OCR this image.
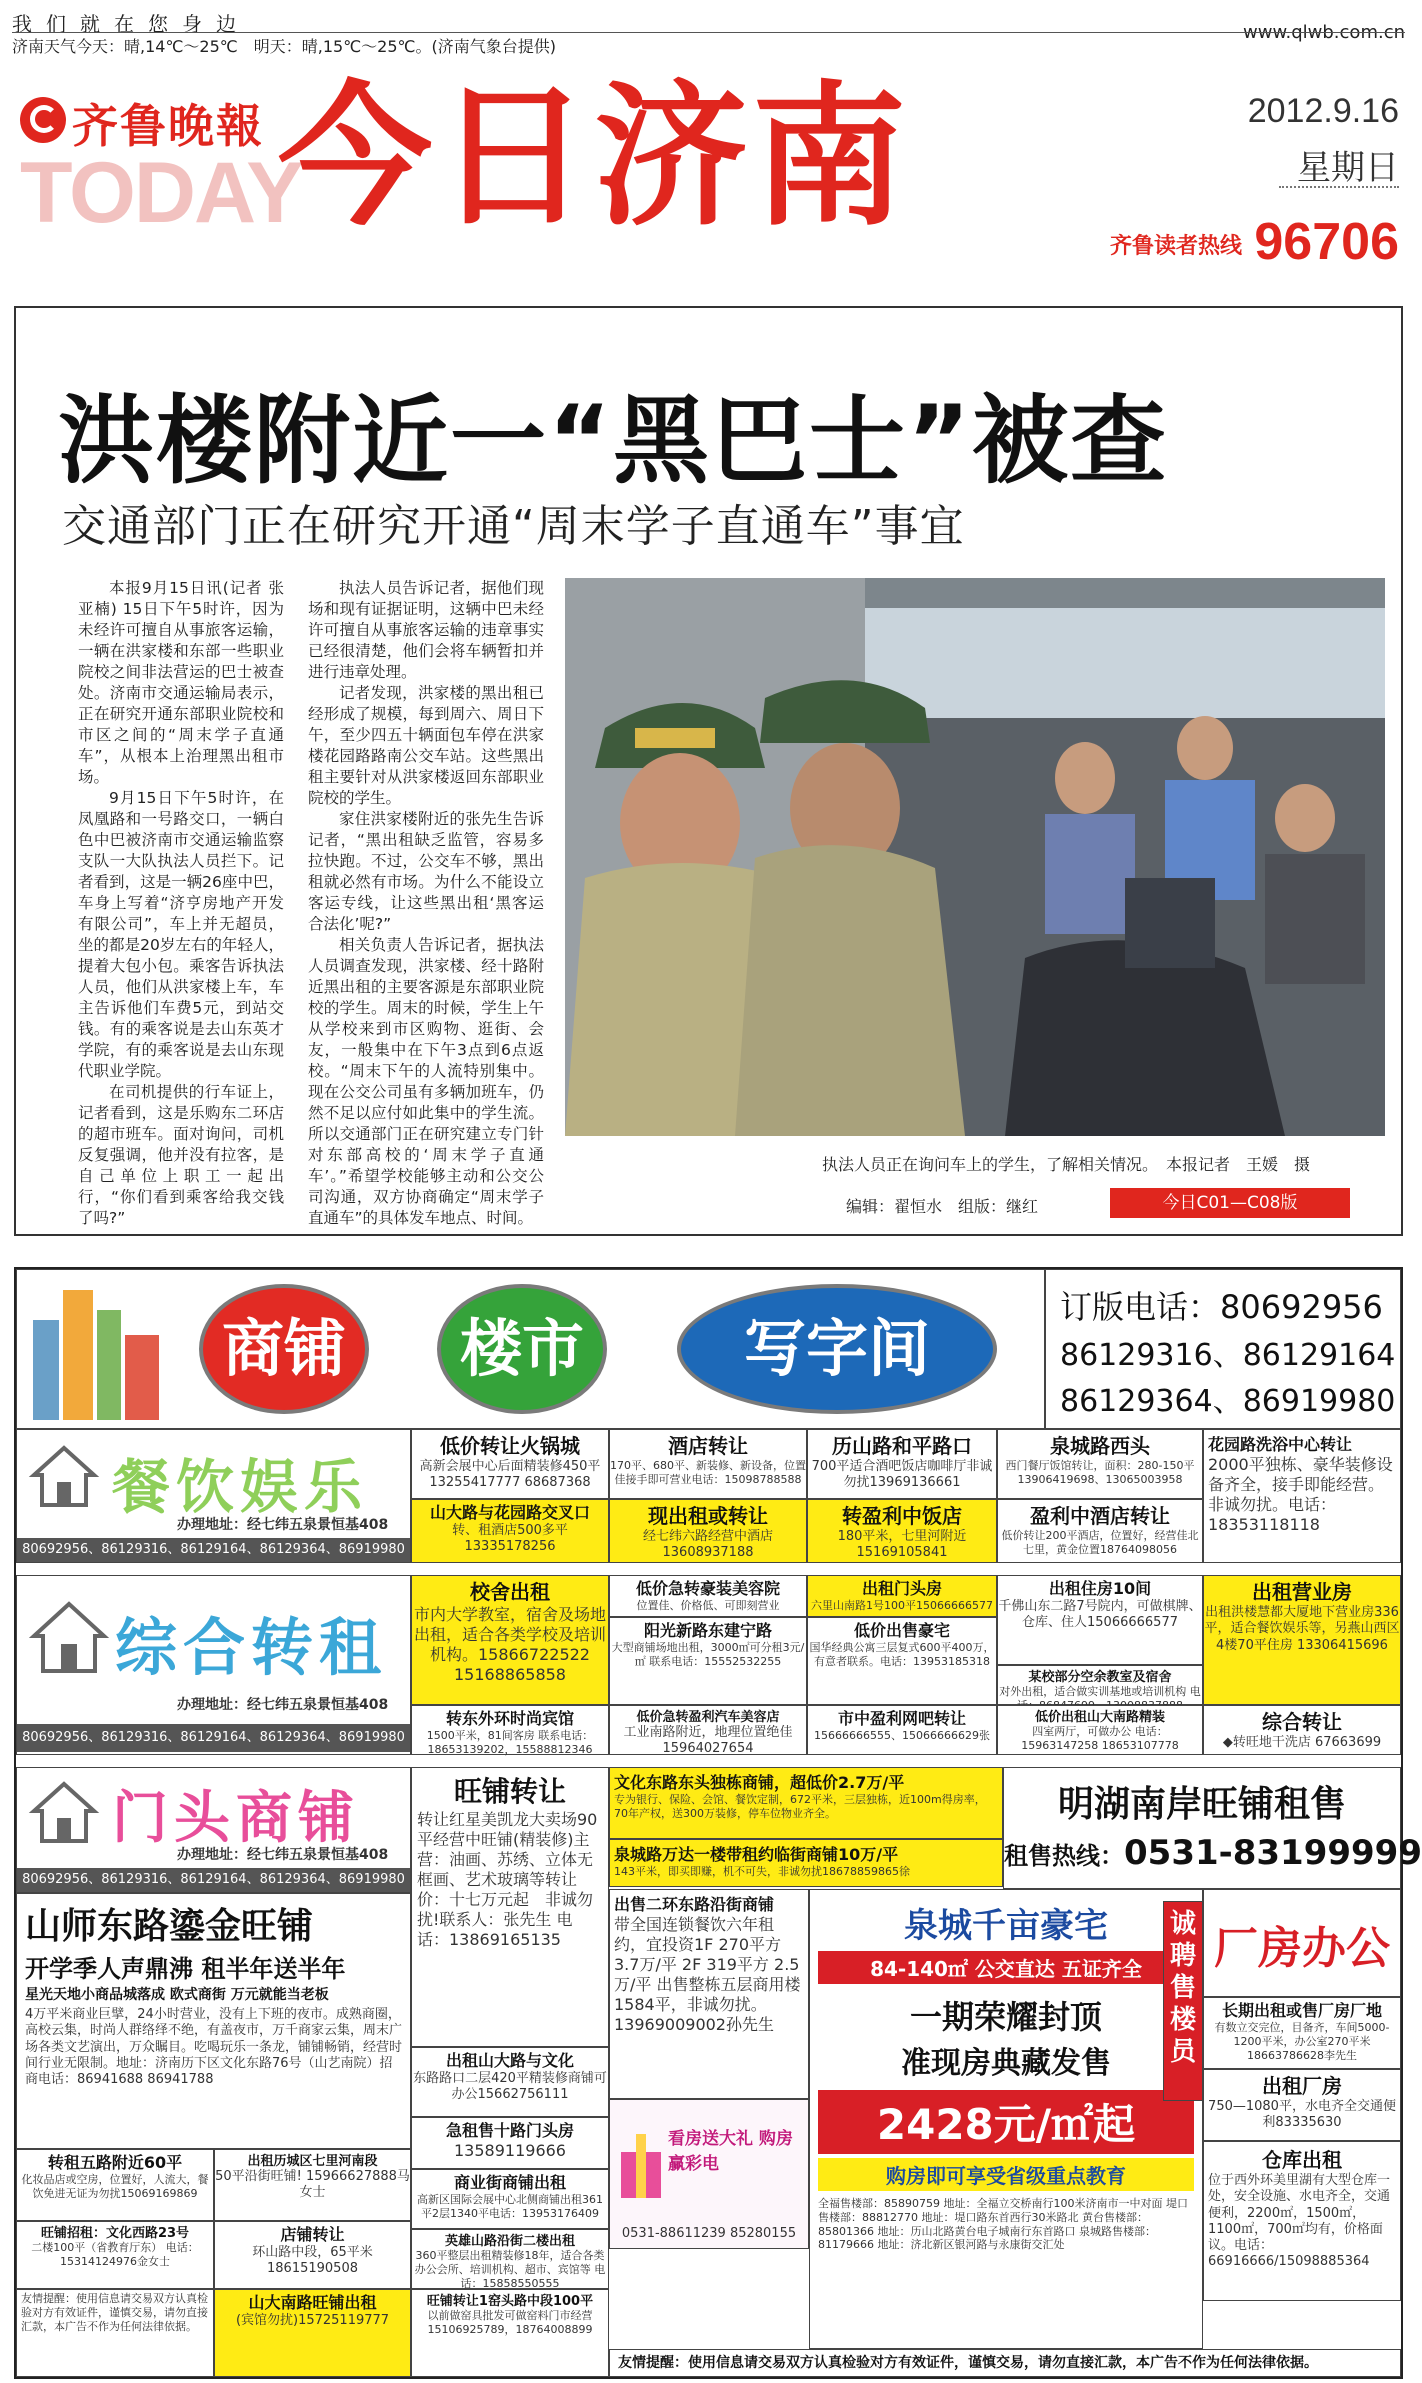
我们就在您身边	www.qlwb.com.cn
济南天气今天：晴,14℃～25℃　明天：晴,15℃～25℃。(济南气象台提供)
齐鲁晚報
TODAY
今日济南	2012.9.16
星期日
齐鲁读者热线 96706
洪楼附近一“黑巴士”被查
交通部门正在研究开通“周末学子直通车”事宜

本报9月15日讯(记者 张亚楠) 15日下午5时许，因为未经许可擅自从事旅客运输，一辆在洪家楼和东部一些职业院校之间非法营运的巴士被查处。济南市交通运输局表示，正在研究开通东部职业院校和市区之间的“周末学子直通车”，从根本上治理黑出租市场。

9月15日下午5时许，在凤凰路和一号路交口，一辆白色中巴被济南市交通运输监察支队一大队执法人员拦下。记者看到，这是一辆26座中巴，车身上写着“济亨房地产开发有限公司”，车上并无超员，坐的都是20岁左右的年轻人，提着大包小包。乘客告诉执法人员，他们从洪家楼上车，车主告诉他们车费5元，到站交钱。有的乘客说是去山东英才学院，有的乘客说是去山东现代职业学院。

在司机提供的行车证上，记者看到，这是乐购东二环店的超市班车。面对询问，司机反复强调，他并没有拉客，是自己单位上职工一起出行，“你们看到乘客给我交钱了吗?”

执法人员告诉记者，据他们现场和现有证据证明，这辆中巴未经许可擅自从事旅客运输的违章事实已经很清楚，他们会将车辆暂扣并进行违章处理。

记者发现，洪家楼的黑出租已经形成了规模，每到周六、周日下午，至少四五十辆面包车停在洪家楼花园路路南公交车站。这些黑出租主要针对从洪家楼返回东部职业院校的学生。

家住洪家楼附近的张先生告诉记者，“黑出租缺乏监管，容易多拉快跑。不过，公交车不够，黑出租就必然有市场。为什么不能设立客运专线，让这些黑出租‘黑客运合法化’呢?”

相关负责人告诉记者，据执法人员调查发现，洪家楼、经十路附近黑出租的主要客源是东部职业院校的学生。周末的时候，学生上午从学校来到市区购物、逛街、会友，一般集中在下午3点到6点返校。“周末下午的人流特别集中。现在公交公司虽有多辆加班车，仍然不足以应付如此集中的学生流。所以交通部门正在研究建立专门针对东部高校的‘周末学子直通车’。”希望学校能够主动和公交公司沟通，双方协商确定“周末学子直通车”的具体发车地点、时间。

执法人员正在询问车上的学生，了解相关情况。　本报记者　王媛　摄
编辑：翟恒水　组版：继红	今日C01—C08版
商铺	楼市	写字间
订版电话：80692956
86129316、86129164
86129364、86919980
餐饮娱乐
办理地址：经七纬五泉景恒基408
80692956、86129316、86129164、86129364、86919980
低价转让火锅城
高新会展中心后面精装修450平13255417777 68687368
酒店转让
170平、680平、新装修、新设备，位置佳接手即可营业电话：15098788588
历山路和平路口
700平适合酒吧饭店咖啡厅非诚勿扰13969136661
泉城路西头
西门餐厅饭馆转让，面积：280-150平13906419698、13065003958
花园路洗浴中心转让
2000平独栋、豪华装修设备齐全，接手即能经营。非诚勿扰。电话：18353118118
山大路与花园路交叉口
转、租酒店500多平13335178256
现出租或转让
经七纬六路经营中酒店13608937188
转盈利中饭店
180平米，七里河附近15169105841
盈利中酒店转让
低价转让200平酒店，位置好，经营佳北七里，黄金位置18764098056
综合转租
办理地址：经七纬五泉景恒基408
80692956、86129316、86129164、86129364、86919980
校舍出租
市内大学教室，宿舍及场地出租，适合各类学校及培训机构。15866722522 15168865858
低价急转豪装美容院
位置佳、价格低、可即刻营业
出租门头房
六里山南路1号100平15066666577
出租住房10间
千佛山东二路7号院内，可做棋牌、仓库、住人15066666577
出租营业房
出租洪楼慧都大厦地下营业房336平，适合餐饮娱乐等，另燕山西区4楼70平住房 13306415696
阳光新路东建宁路
大型商铺场地出租，3000㎡可分租3元/㎡ 联系电话：15552532255
低价出售豪宅
国华经典公寓三层复式600平400万，有意者联系。电话：13953185318
某校部分空余教室及宿舍
对外出租，适合做实训基地或培训机构 电
转东外环时尚宾馆
1500平米，81间客房 联系电话：18653139202，15588812346
低价急转盈利汽车美容店
工业南路附近，地理位置绝佳15964027654
市中盈利网吧转让
15666666555、15066666629张
低价出租山大南路精装
四室两厅，可做办公 电话：15963147258 18653107778
综合转让
◆转旺地干洗店 67663699
门头商铺
办理地址：经七纬五泉景恒基408
80692956、86129316、86129164、86129364、86919980
旺铺转让
转让红星美凯龙大卖场90平经营中旺铺(精装修)主营：油画、苏绣、立体无框画、艺术玻璃等转让价：十七万元起　非诚勿扰!联系人：张先生 电话：13869165135
文化东路东头独栋商铺，超低价2.7万/平
专为银行、保险、会馆、餐饮定制，672平米，三层独栋，近100m得房率，70年产权，送300万装修，停车位物业齐全。
泉城路万达一楼带租约临街商铺10万/平
143平米，即买即赚，机不可失，非诚勿扰18678859865徐
明湖南岸旺铺租售
租售热线：0531-83199999
山师东路鎏金旺铺
开学季人声鼎沸 租半年送半年
星光天地小商品城落成 欧式商街 万元就能当老板
4万平米商业巨擘，24小时营业，没有上下班的夜市。成熟商圈，高校云集，时尚人群络绎不绝，有盖夜市，万千商家云集，周末广场各类文艺演出，万众瞩目。吃喝玩乐一条龙，铺铺畅销，经营时间行业无限制。地址：济南历下区文化东路76号（山艺南院）招商电话：86941688 86941788
出租山大路与文化
东路路口二层420平精装修商铺可办公15662756111
急租售十路门头房
13589119666
出售二环东路沿街商铺
带全国连锁餐饮六年租约，宜投资1F 270平方 3.7万/平 2F 319平方 2.5万/平 出售整栋五层商用楼1584平，非诚勿扰。13969009002孙先生
看房送大礼 购房赢彩电
0531-88611239 85280155
泉城千亩豪宅
84-140㎡ 公交直达 五证齐全
一期荣耀封顶
准现房典藏发售
2428元/㎡起
购房即可享受省级重点教育
全福售楼部：85890759 地址：全福立交桥南行100米济南市一中对面 堤口售楼部：88812770 地址：堤口路东首西行30米路北 黄台售楼部：85801366 地址：历山北路黄台电子城南行东首路口 泉城路售楼部：81179666 地址：济北新区银河路与永康街交汇处
诚聘售楼员
厂房办公
长期出租或售厂房厂地
有数立交完位，目备齐，车间5000-1200平米，办公室270平米 18663786628李先生
出租厂房
750—1080平，水电齐全交通便利83335630
仓库出租
位于西外环美里湖有大型仓库一处，安全设施、水电齐全，交通便利，2200㎡，1500㎡，1100㎡，700㎡均有，价格面议。电话：66916666/15098885364
商业街商铺出租
高新区国际会展中心北侧商铺出租361平2层1340平电话：13953176409
英雄山路沿街二楼出租
360平整层出租精装修18年，适合各类办公会所、培训机构、超市、宾馆等 电话：15858550555
转租五路附近60平
化妆品店或空房，位置好，人流大，餐饮免进无证为勿扰15069169869
出租历城区七里河南段
50平沿街旺铺! 15966627888马女士
旺铺招租：文化西路23号
二楼100平（省教育厅东） 电话：15314124976金女士
店铺转让
环山路中段，65平米18615190508
友情提醒：使用信息请交易双方认真检验对方有效证件，谨慎交易，请勿直接汇款，本广告不作为任何法律依据。
山大南路旺铺出租
(宾馆勿扰)15725119777
旺铺转让1窑头路中段100平
以前做窑具批发可做窑料门市经营 15106925789，18764008899
友情提醒：使用信息请交易双方认真检验对方有效证件，谨慎交易，请勿直接汇款，本广告不作为任何法律依据。
